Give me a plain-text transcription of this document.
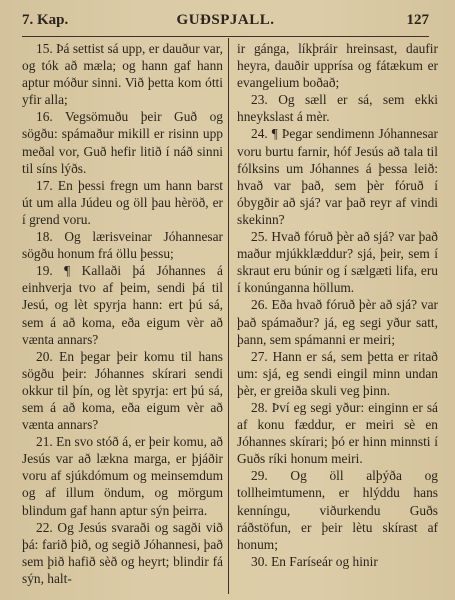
7. Kap.	GUÐSPJALL.	127

15. Þá settist sá upp, er dauður var, og tók að mæla; og hann gaf hann aptur móður sinni. Við þetta kom ótti yfir alla;

16. Vegsömuðu þeir Guð og sögðu: spámaður mikill er risinn upp meðal vor, Guð hefir litið í náð sinni til síns lýðs.

17. En þessi fregn um hann barst út um alla Júdeu og öll þau hèröð, er í grend voru.

18. Og lærisveinar Jóhannesar sögðu honum frá öllu þessu;

19. ¶ Kallaði þá Jóhannes á einhverja tvo af þeim, sendi þá til Jesú, og lèt spyrja hann: ert þú sá, sem á að koma, eða eigum vèr að vænta annars?

20. En þegar þeir komu til hans sögðu þeir: Jóhannes skírari sendi okkur til þín, og lèt spyrja: ert þú sá, sem á að koma, eða eigum vèr að vænta annars?

21. En svo stóð á, er þeir komu, að Jesús var að lækna marga, er þjáðir voru af sjúkdómum og meinsemdum og af illum öndum, og mörgum blindum gaf hann aptur sýn þeirra.

22. Og Jesús svaraði og sagði við þá: farið þið, og segið Jóhannesi, það sem þið hafið sèð og heyrt; blindir fá sýn, halt-

ir gánga, líkþráir hreinsast, daufir heyra, dauðir upprísa og fátækum er evangelium boðað;

23. Og sæll er sá, sem ekki hneykslast á mèr.

24. ¶ Þegar sendimenn Jóhannesar voru burtu farnir, hóf Jesús að tala til fólksins um Jóhannes á þessa leið: hvað var það, sem þèr fóruð í óbygðir að sjá? var það reyr af vindi skekinn?

25. Hvað fóruð þèr að sjá? var það maður mjúkklæddur? sjá, þeir, sem í skraut eru búnir og í sælgæti lifa, eru í konúnganna höllum.

26. Eða hvað fóruð þèr að sjá? var það spámaður? já, eg segi yður satt, þann, sem spámanni er meiri;

27. Hann er sá, sem þetta er ritað um: sjá, eg sendi eingil minn undan þèr, er greiða skuli veg þinn.

28. Því eg segi yður: einginn er sá af konu fæddur, er meiri sè en Jóhannes skírari; þó er hinn minnsti í Guðs ríki honum meiri.

29. Og öll alþýða og tollheimtumenn, er hlýddu hans kenníngu, viðurkendu Guðs ráðstöfun, er þeir lètu skírast af honum;

30. En Faríseár og hinir
